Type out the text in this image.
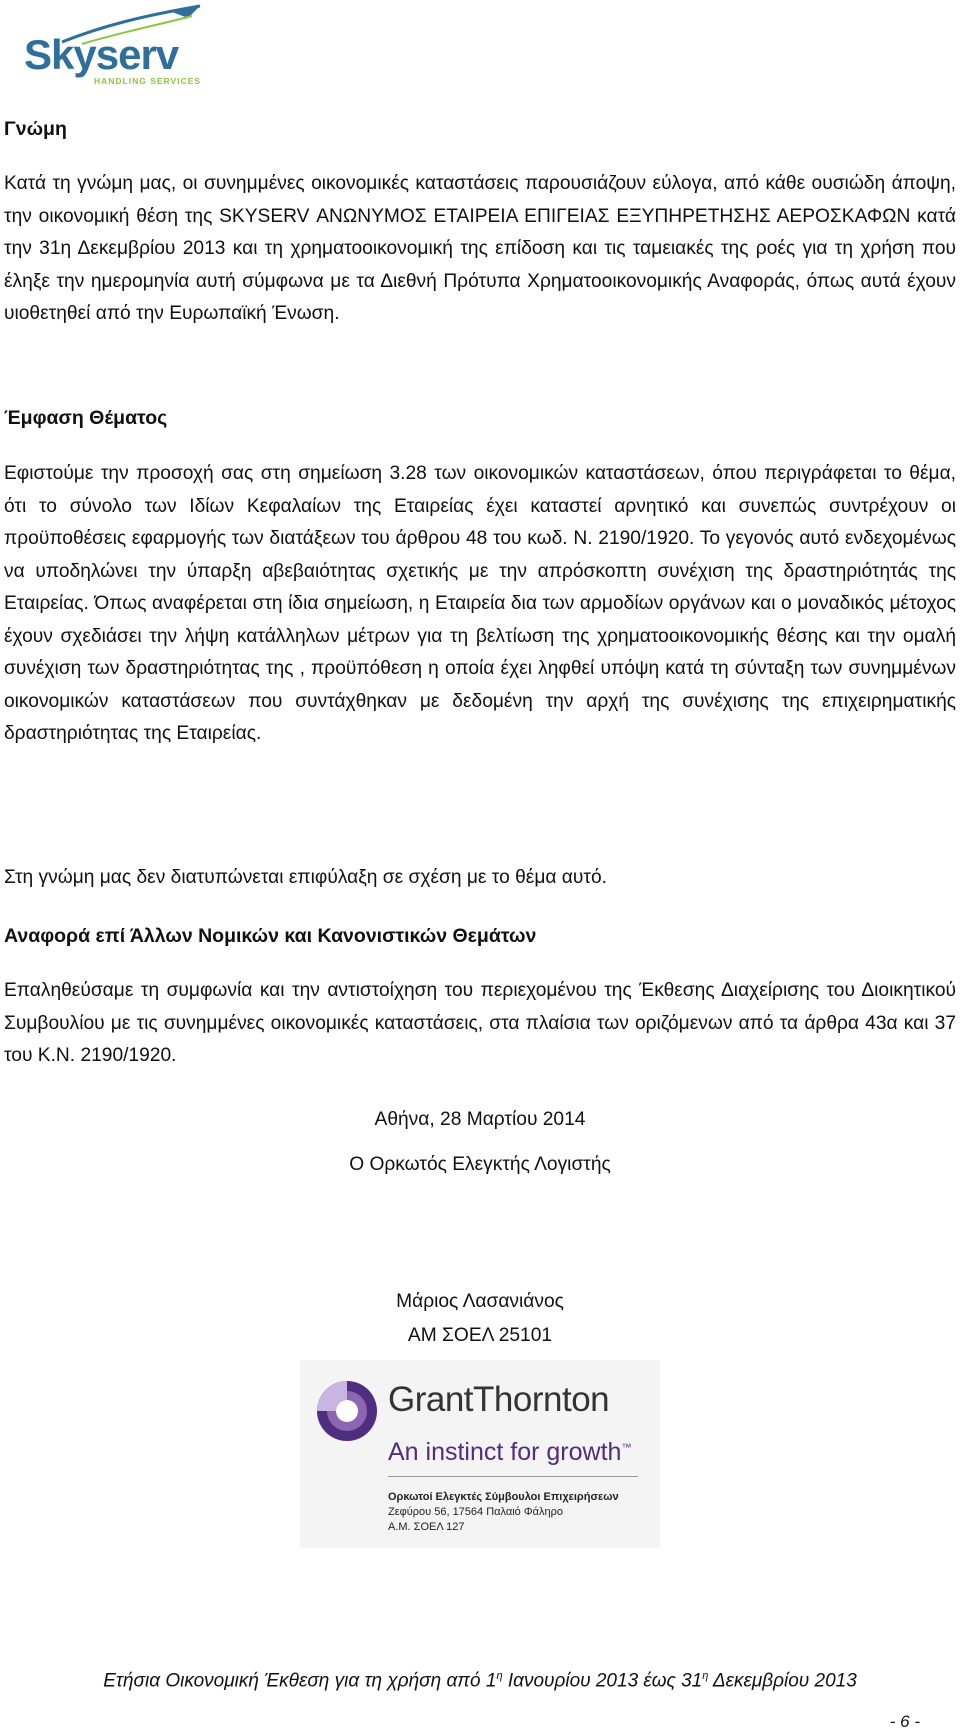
Skyserv
HANDLING SERVICES
Γνώμη
Κατά τη γνώμη μας, οι συνημμένες οικονομικές καταστάσεις παρουσιάζουν εύλογα, από κάθε ουσιώδη άποψη, την οικονομική θέση της SKYSERV ΑΝΩΝΥΜΟΣ ΕΤΑΙΡΕΙΑ ΕΠΙΓΕΙΑΣ ΕΞΥΠΗΡΕΤΗΣΗΣ ΑΕΡΟΣΚΑΦΩΝ κατά την 31η Δεκεμβρίου 2013 και τη χρηματοοικονομική της επίδοση και τις ταμειακές της ροές για τη χρήση που έληξε την ημερομηνία αυτή σύμφωνα με τα Διεθνή Πρότυπα Χρηματοοικονομικής Αναφοράς, όπως αυτά έχουν υιοθετηθεί από την Ευρωπαϊκή Ένωση.
Έμφαση Θέματος
Εφιστούμε την προσοχή σας στη σημείωση 3.28 των οικονομικών καταστάσεων, όπου περιγράφεται το θέμα, ότι το σύνολο των Ιδίων Κεφαλαίων της Εταιρείας έχει καταστεί αρνητικό και συνεπώς συντρέχουν οι προϋποθέσεις εφαρμογής των διατάξεων του άρθρου 48 του κωδ. Ν. 2190/1920. Το γεγονός αυτό ενδεχομένως να υποδηλώνει την ύπαρξη αβεβαιότητας σχετικής με την απρόσκοπτη συνέχιση της δραστηριότητάς της Εταιρείας. Όπως αναφέρεται στη ίδια σημείωση, η Εταιρεία δια των αρμοδίων οργάνων και ο μοναδικός μέτοχος έχουν σχεδιάσει την λήψη κατάλληλων μέτρων για τη βελτίωση της χρηματοοικονομικής θέσης και την ομαλή συνέχιση των δραστηριότητας της , προϋπόθεση η οποία έχει ληφθεί υπόψη κατά τη σύνταξη των συνημμένων οικονομικών καταστάσεων που συντάχθηκαν με δεδομένη την αρχή της συνέχισης της επιχειρηματικής δραστηριότητας της Εταιρείας.
Στη γνώμη μας δεν διατυπώνεται επιφύλαξη σε σχέση με το θέμα αυτό.
Αναφορά επί Άλλων Νομικών και Κανονιστικών Θεμάτων
Επαληθεύσαμε τη συμφωνία και την αντιστοίχηση του περιεχομένου της Έκθεσης Διαχείρισης του Διοικητικού Συμβουλίου με τις συνημμένες οικονομικές καταστάσεις, στα πλαίσια των οριζόμενων από τα άρθρα 43α και 37 του Κ.Ν. 2190/1920.
Αθήνα, 28 Μαρτίου 2014
Ο Ορκωτός Ελεγκτής Λογιστής
Μάριος Λασανιάνος
ΑΜ ΣΟΕΛ 25101
GrantThornton
An instinct for growth™
Ορκωτοί Ελεγκτές Σύμβουλοι Επιχειρήσεων
Ζεφύρου 56, 17564 Παλαιό Φάληρο
Α.Μ. ΣΟΕΛ 127
Ετήσια Οικονομική Έκθεση για τη χρήση από $1^\eta$ Ιανουρίου 2013 έως $31^\eta$ Δεκεμβρίου 2013
- 6 -
